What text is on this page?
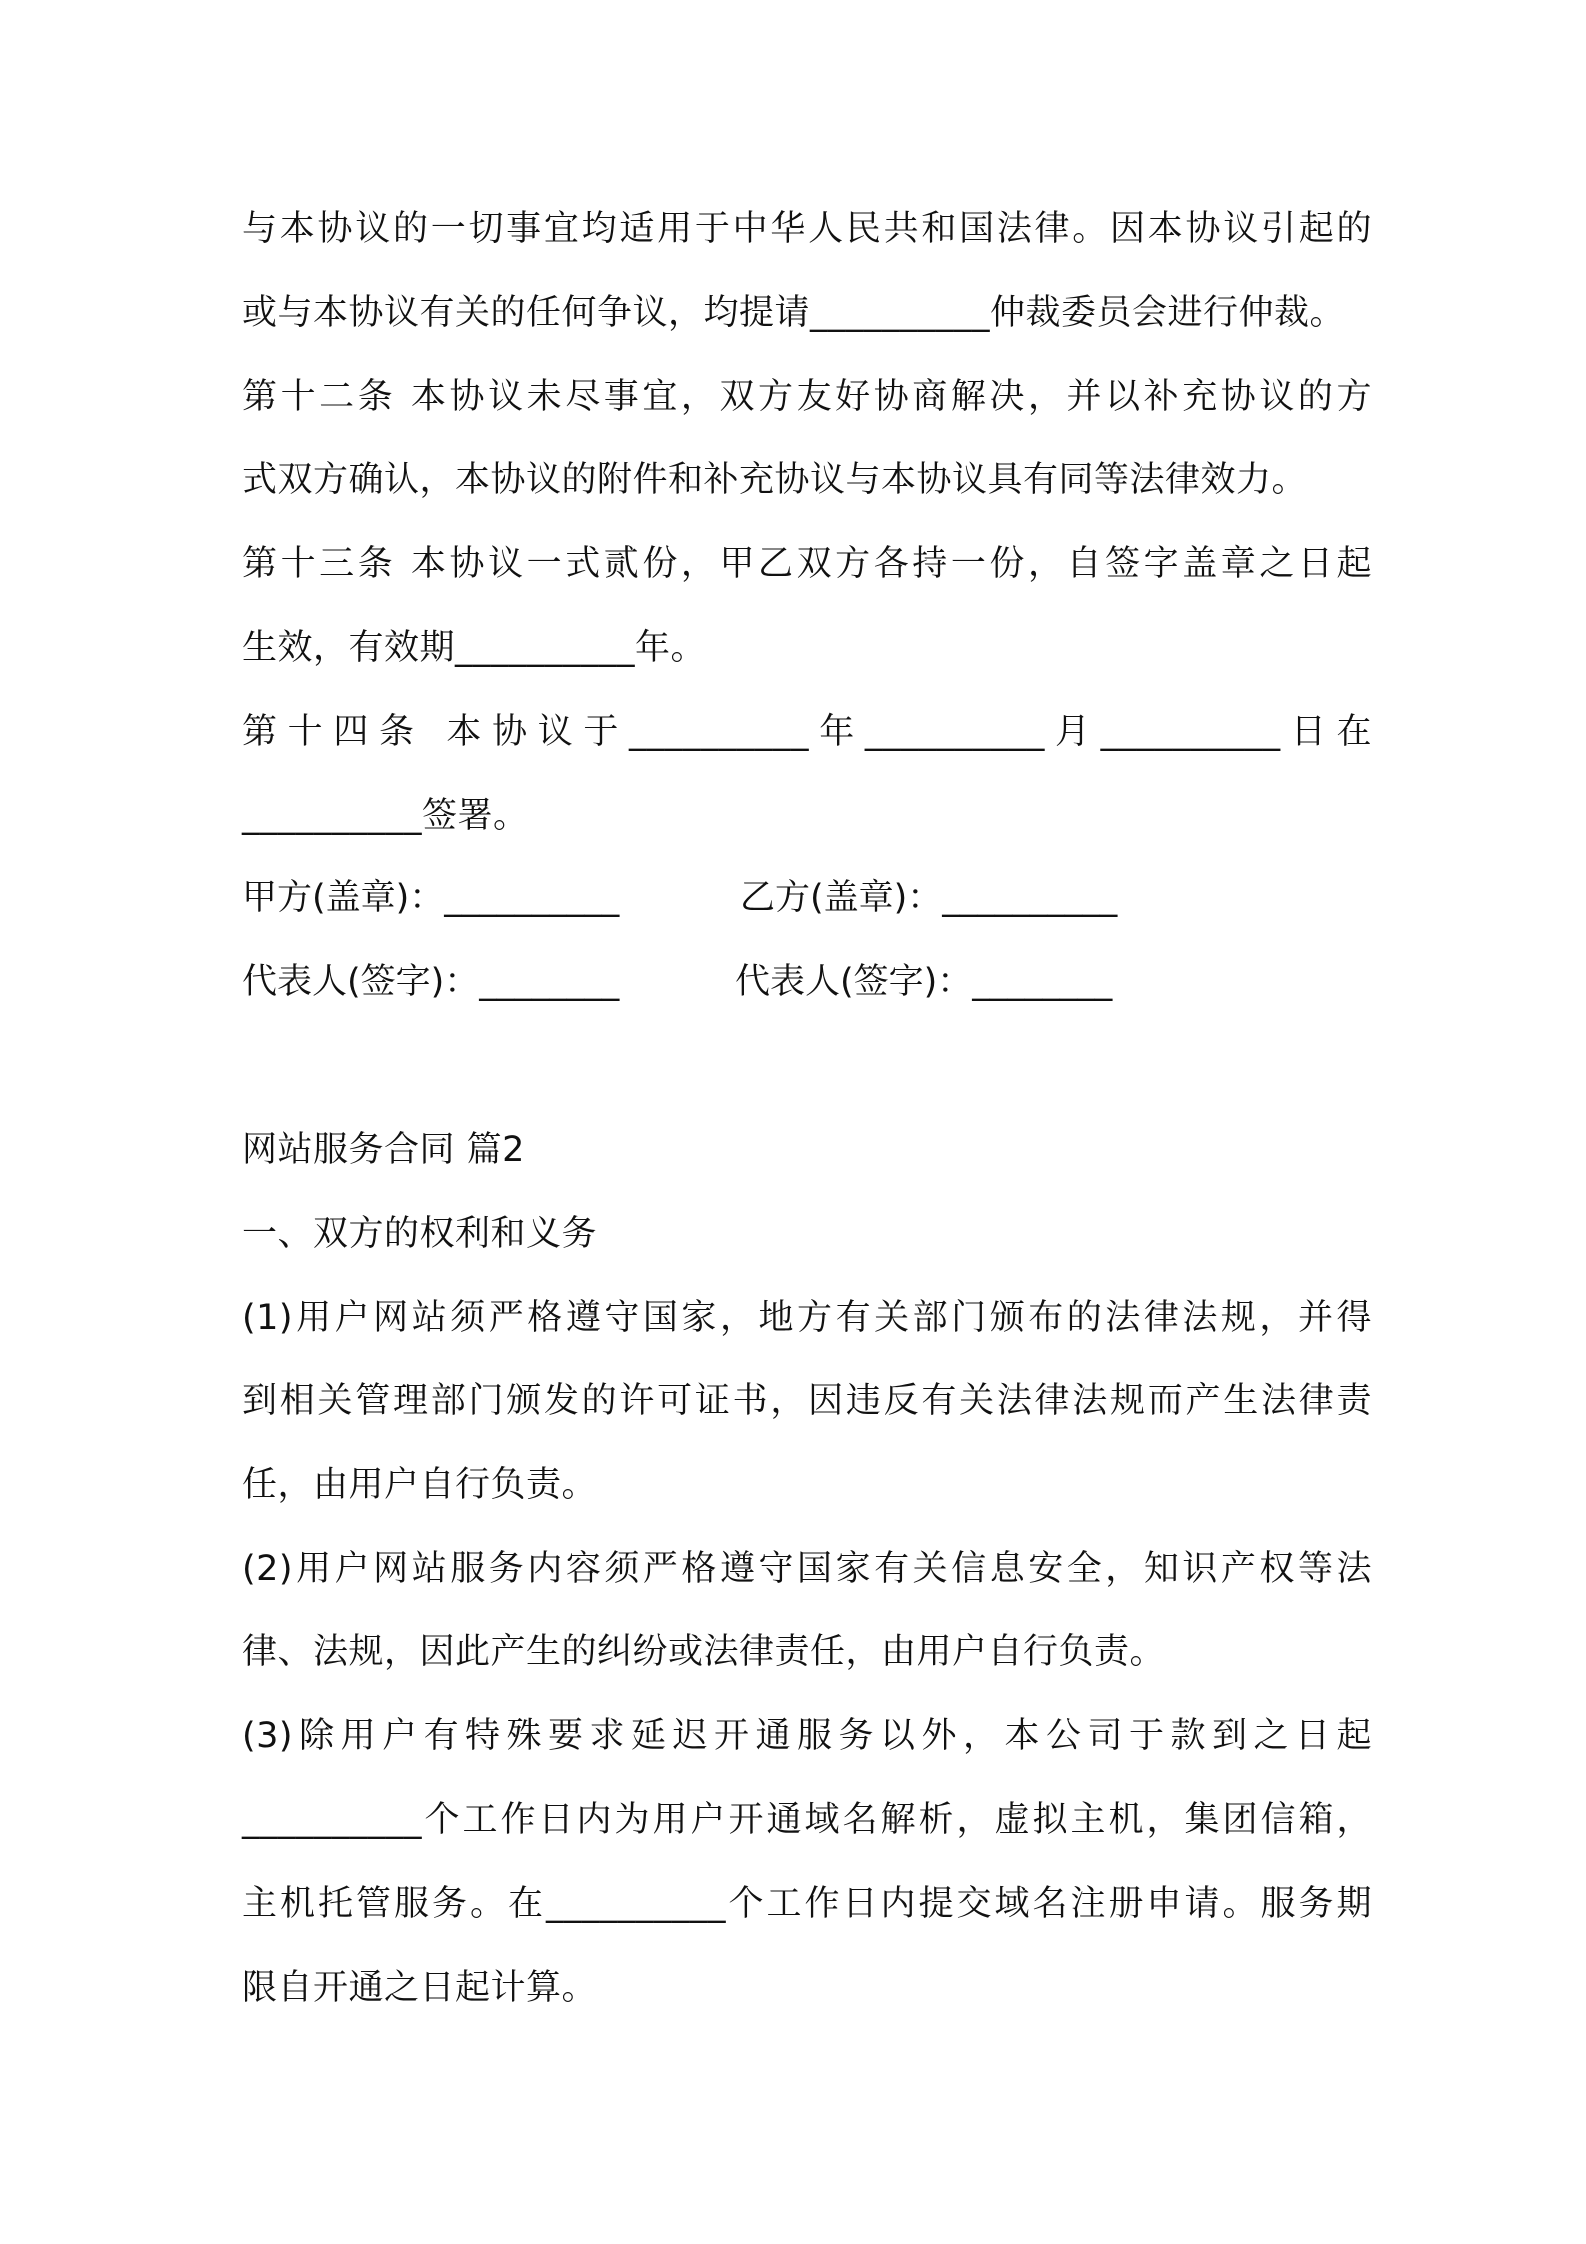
与本协议的一切事宜均适用于中华人民共和国法律。因本协议引起的
或与本协议有关的任何争议，均提请__________仲裁委员会进行仲裁。
第十二条 本协议未尽事宜，双方友好协商解决，并以补充协议的方
式双方确认，本协议的附件和补充协议与本协议具有同等法律效力。
第十三条 本协议一式贰份，甲乙双方各持一份，自签字盖章之日起
生效，有效期__________年。
第十四条 本协议于__________年__________月__________日在
__________签署。
甲方(盖章)：__________	乙方(盖章)：__________
代表人(签字)：________	代表人(签字)：________
网站服务合同 篇2
一、双方的权利和义务
(1)用户网站须严格遵守国家，地方有关部门颁布的法律法规，并得
到相关管理部门颁发的许可证书，因违反有关法律法规而产生法律责
任，由用户自行负责。
(2)用户网站服务内容须严格遵守国家有关信息安全，知识产权等法
律、法规，因此产生的纠纷或法律责任，由用户自行负责。
(3)除用户有特殊要求延迟开通服务以外，本公司于款到之日起
__________个工作日内为用户开通域名解析，虚拟主机，集团信箱，
主机托管服务。在__________个工作日内提交域名注册申请。服务期
限自开通之日起计算。
